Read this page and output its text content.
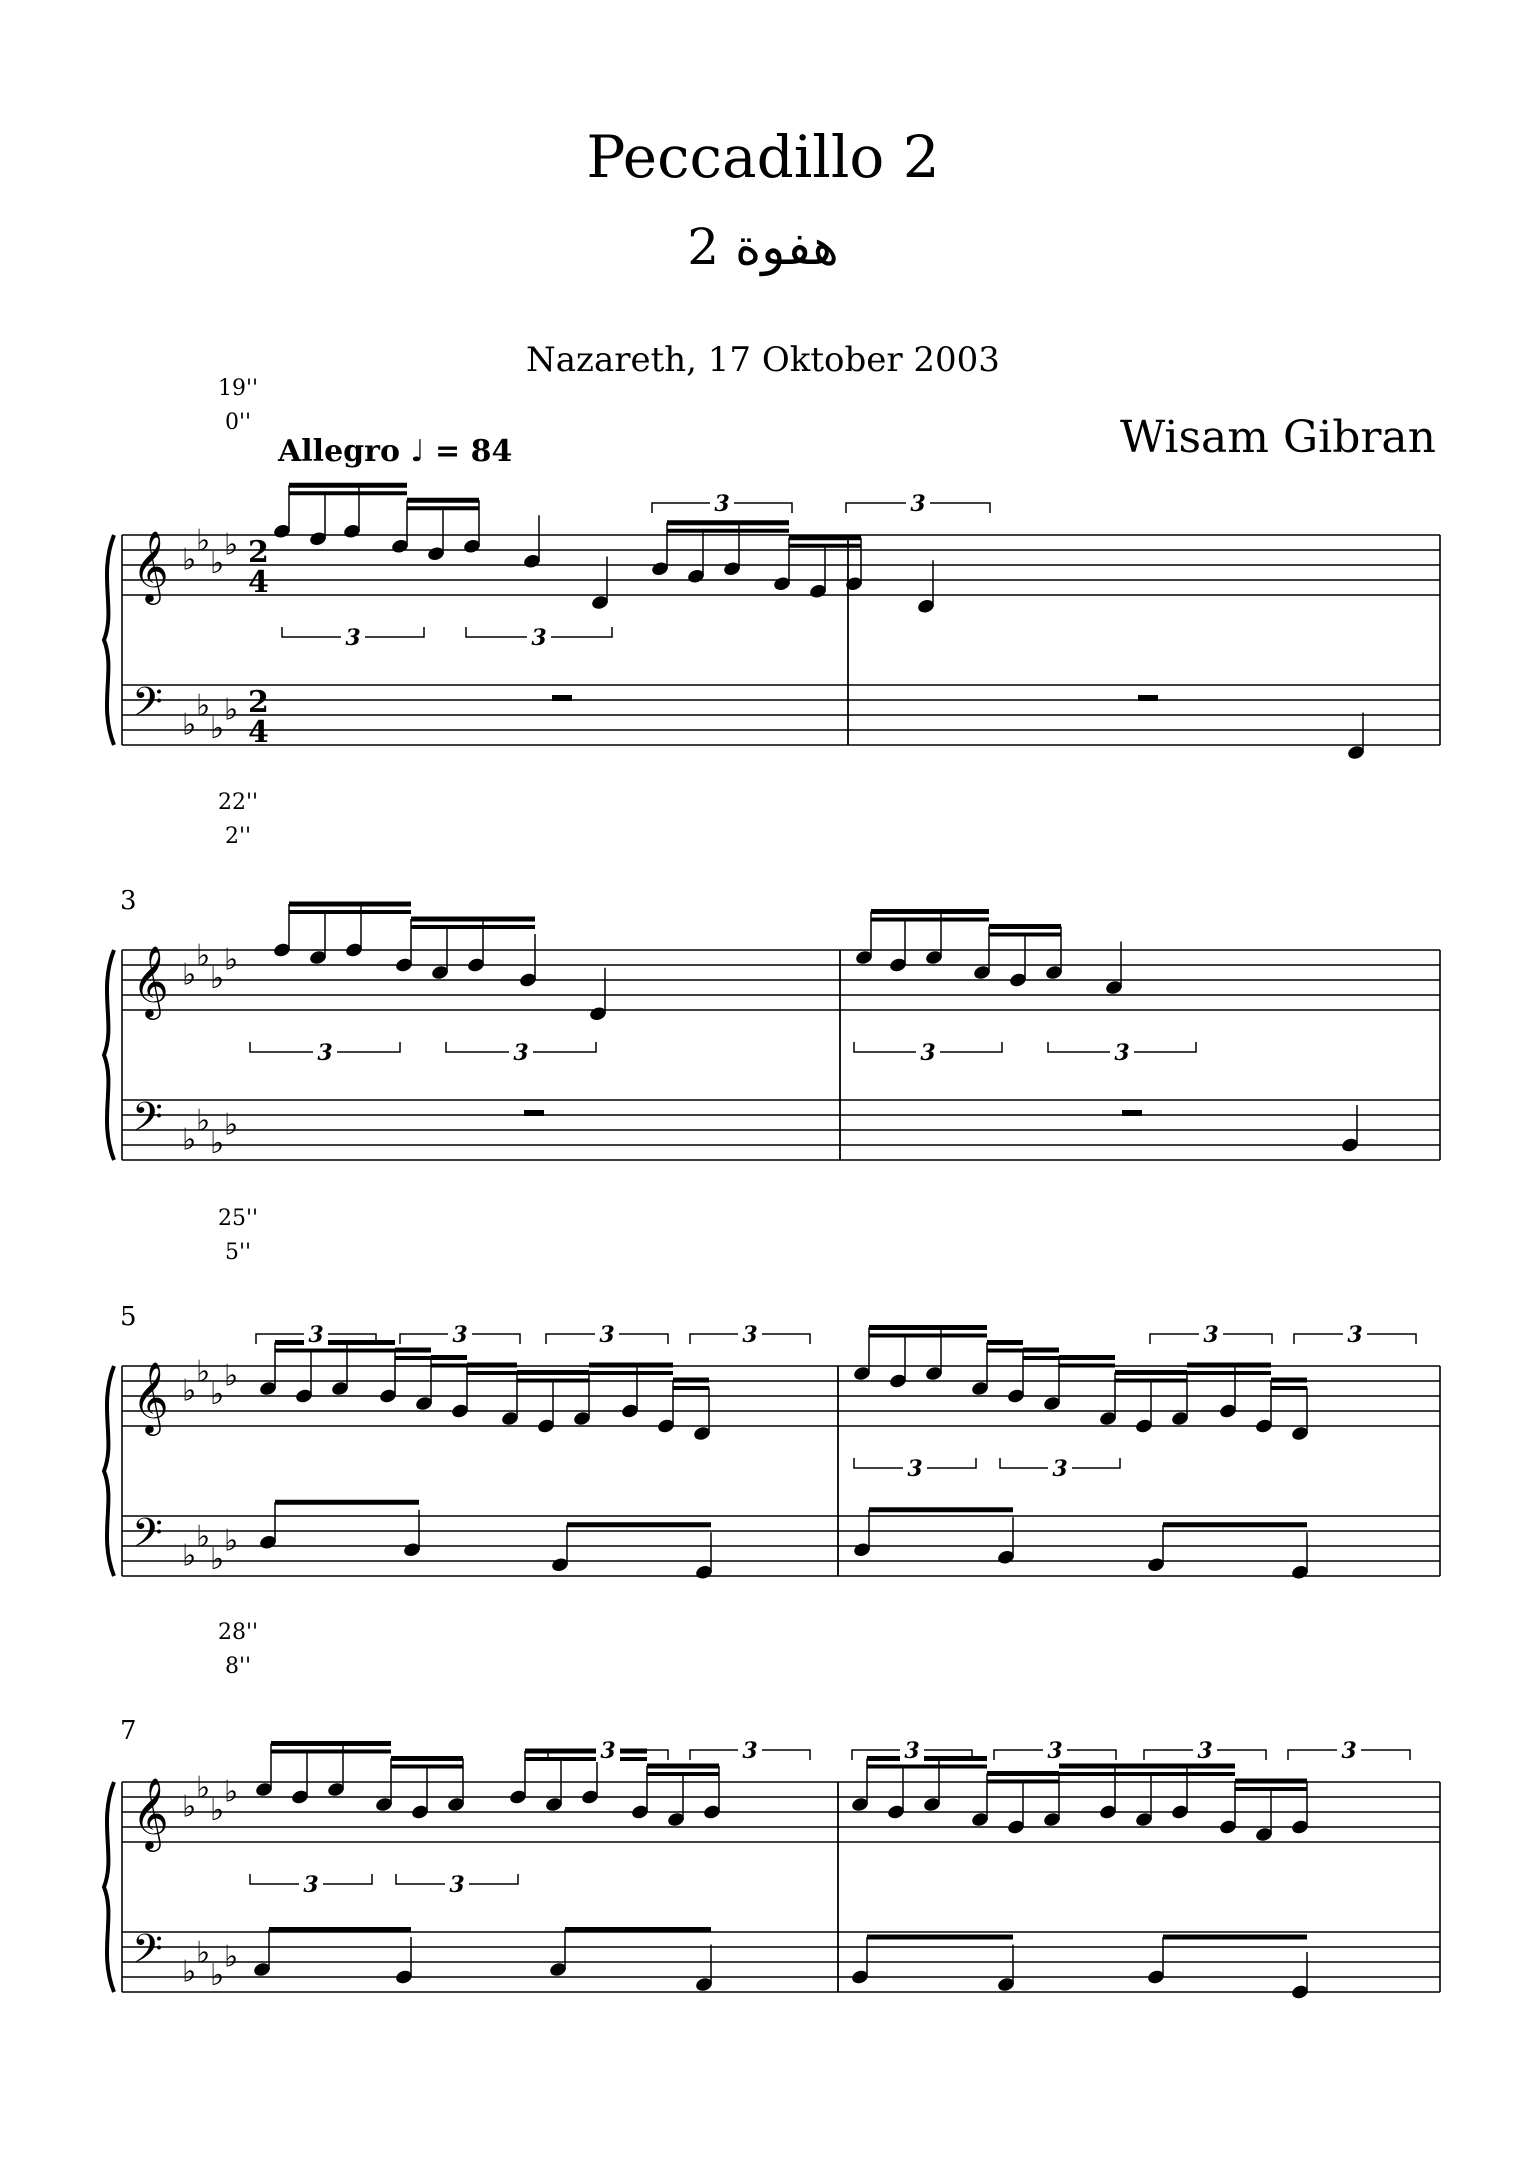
Peccadillo 2
هفوة 2
Nazareth, 17 Oktober 2003
Wisam Gibran
Allegro ♩ = 84
19''
0''
22''
2''
3
25''
5''
5
28''
8''
7
𝄞
𝄢
♭
♭
♭
♭
♭
♭
♭
♭
2
4
2
4
3	3
3	3
𝄞
𝄢
♭
♭
♭
♭
♭
♭
♭
♭
3	3	3	3
𝄞
𝄢
♭
♭
♭
♭
♭
♭
♭
♭
3	3	3	3
3	3
3	3
𝄞
𝄢
♭
♭
♭
♭
♭
♭
♭
♭
3	3
3	3	3	3	3	3
